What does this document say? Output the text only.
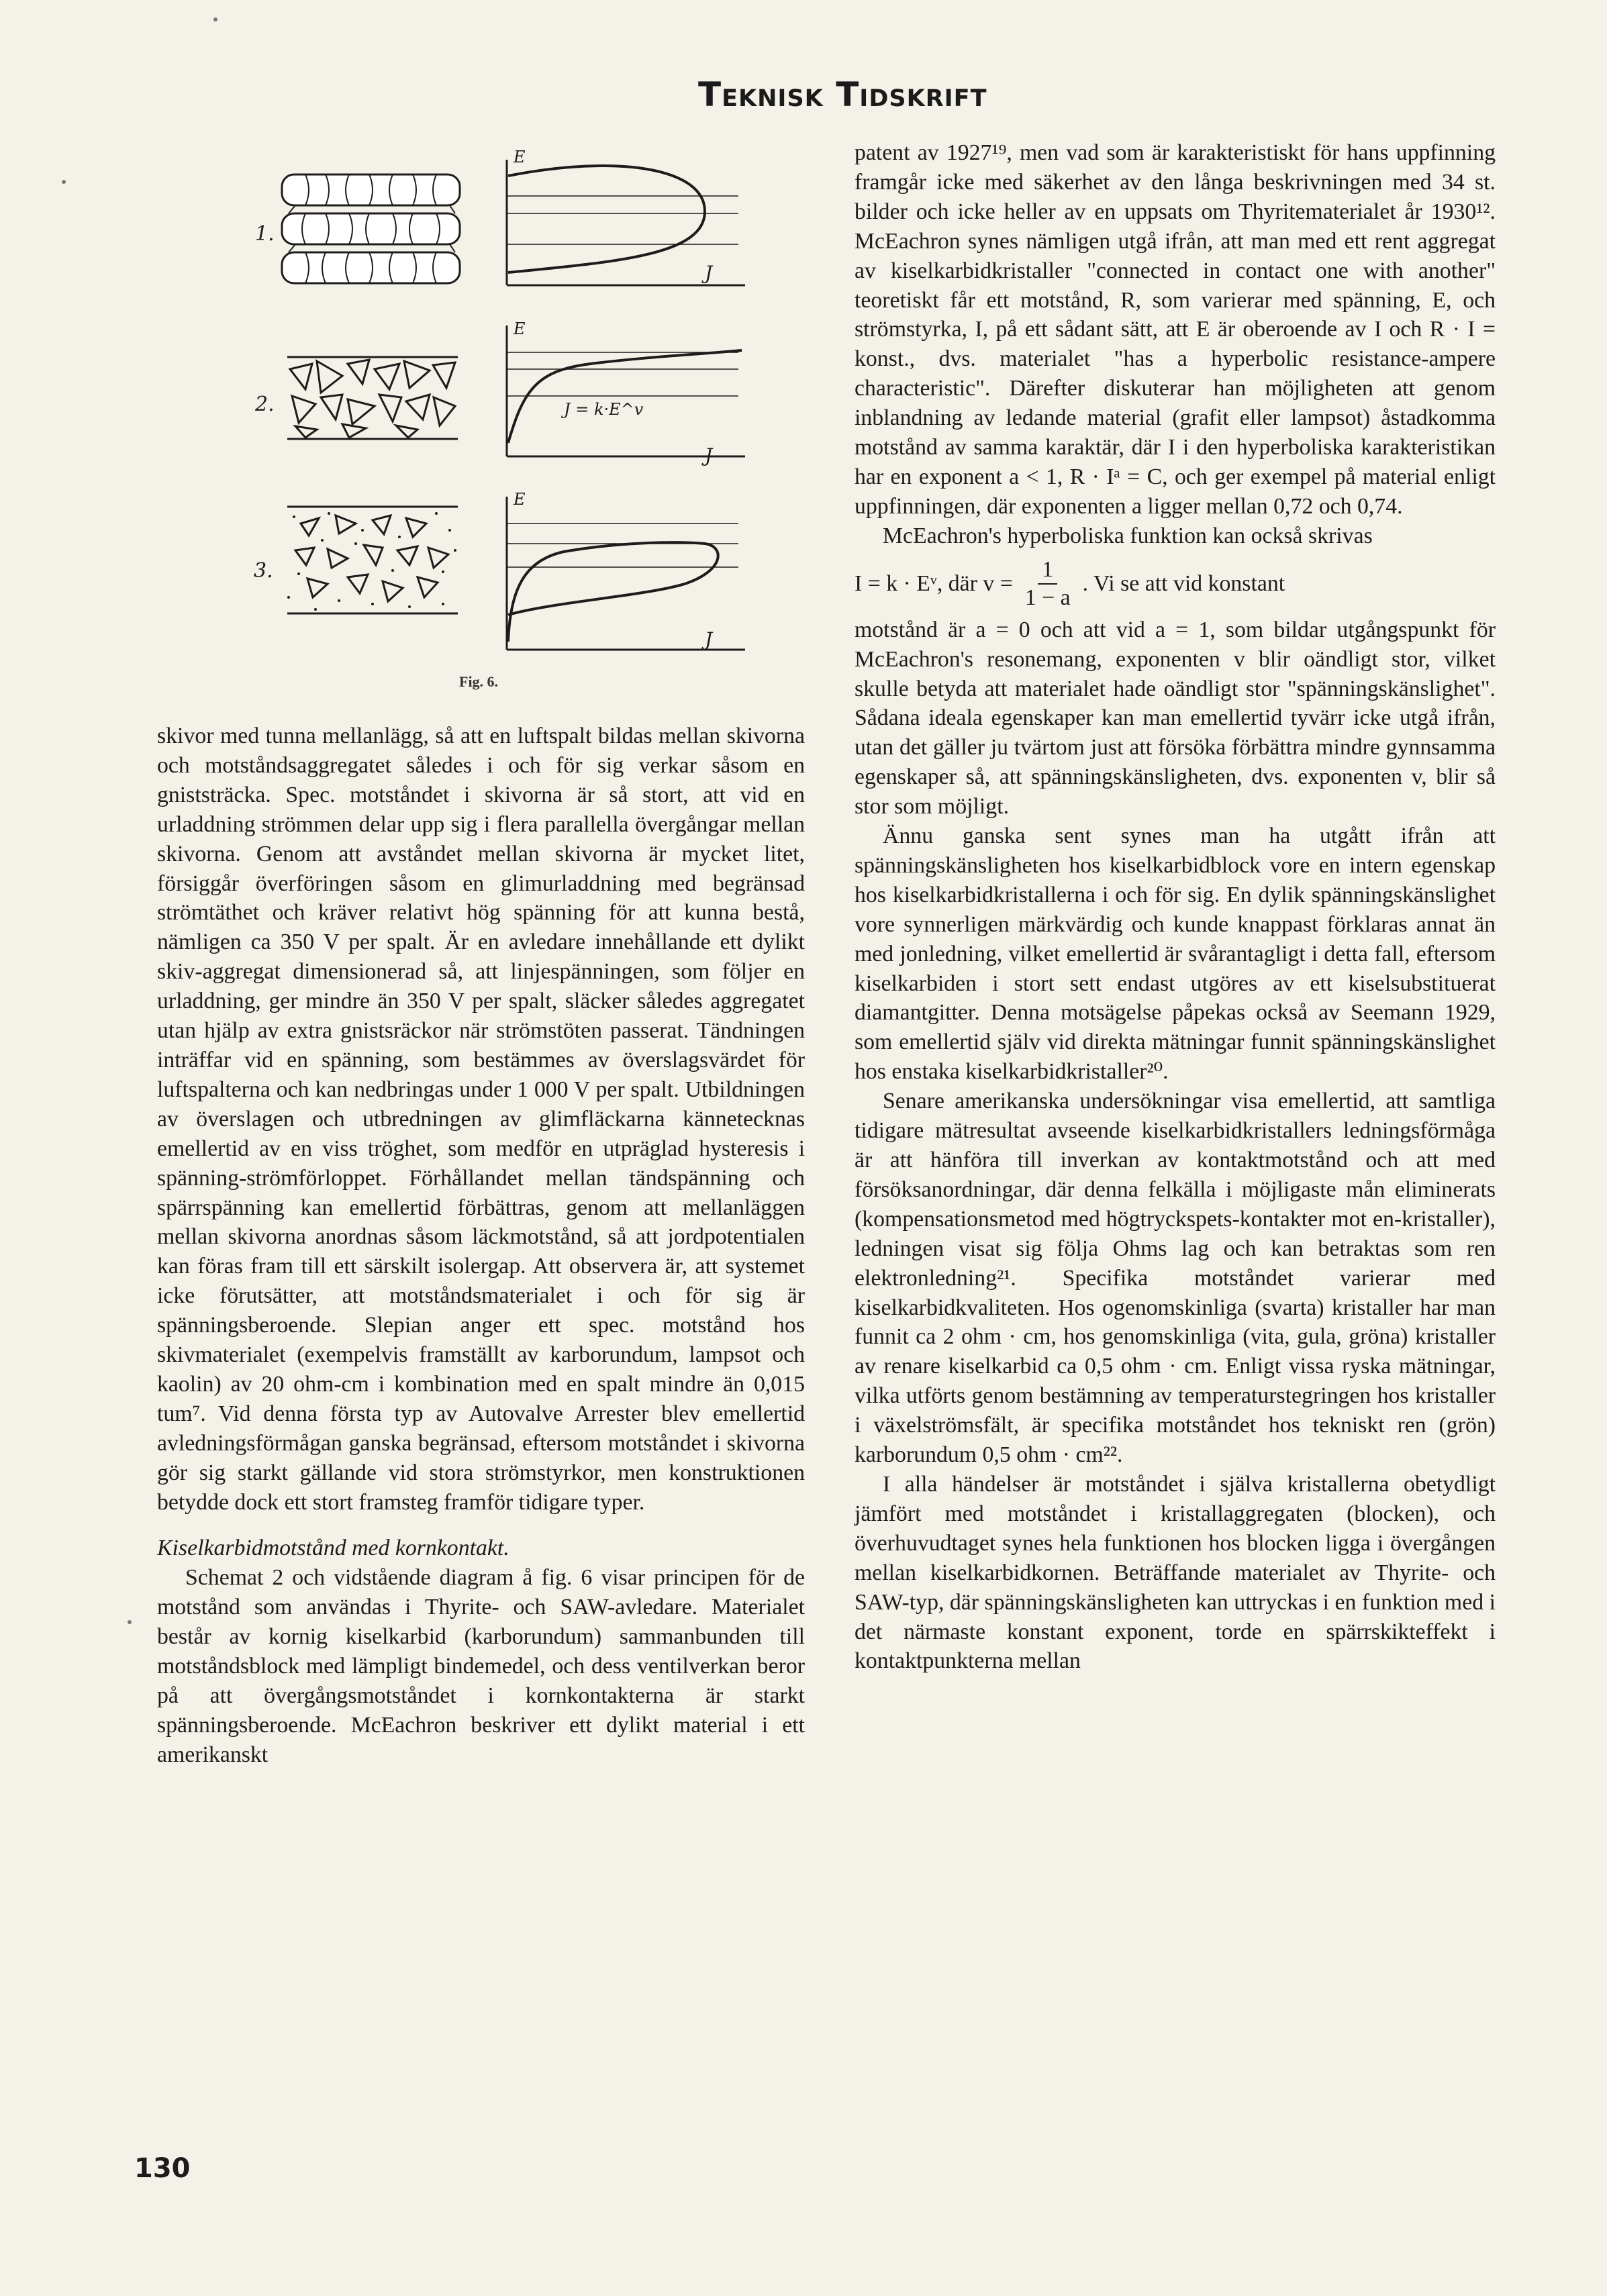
Teknisk Tidskrift
1.
2.
3.
E
J
E
J = k·E^v
J
E
J
Fig. 6.

skivor med tunna mellanlägg, så att en luftspalt bildas mellan skivorna och motståndsaggregatet således i och för sig verkar såsom en gniststräcka. Spec. motståndet i skivorna är så stort, att vid en urladdning strömmen delar upp sig i flera parallella övergångar mellan skivorna. Genom att avståndet mellan skivorna är mycket litet, försiggår överföringen såsom en glimurladdning med begränsad strömtäthet och kräver relativt hög spänning för att kunna bestå, nämligen ca 350 V per spalt. Är en avledare innehållande ett dylikt skiv-aggregat dimensionerad så, att linjespänningen, som följer en urladdning, ger mindre än 350 V per spalt, släcker således aggregatet utan hjälp av extra gnistsräckor när strömstöten passerat. Tändningen inträffar vid en spänning, som bestämmes av överslagsvärdet för luftspalterna och kan nedbringas under 1 000 V per spalt. Utbildningen av överslagen och utbredningen av glimfläckarna kännetecknas emellertid av en viss tröghet, som medför en utpräglad hysteresis i spänning-strömförloppet. Förhållandet mellan tändspänning och spärrspänning kan emellertid förbättras, genom att mellanläggen mellan skivorna anordnas såsom läckmotstånd, så att jordpotentialen kan föras fram till ett särskilt isolergap. Att observera är, att systemet icke förutsätter, att motståndsmaterialet i och för sig är spänningsberoende. Slepian anger ett spec. motstånd hos skivmaterialet (exempelvis framställt av karborundum, lampsot och kaolin) av 20 ohm-cm i kombination med en spalt mindre än 0,015 tum⁷. Vid denna första typ av Autovalve Arrester blev emellertid avledningsförmågan ganska begränsad, eftersom motståndet i skivorna gör sig starkt gällande vid stora strömstyrkor, men konstruktionen betydde dock ett stort framsteg framför tidigare typer.

Kiselkarbidmotstånd med kornkontakt.

Schemat 2 och vidstående diagram å fig. 6 visar principen för de motstånd som användas i Thyrite- och SAW-avledare. Materialet består av kornig kiselkarbid (karborundum) sammanbunden till motståndsblock med lämpligt bindemedel, och dess ventilverkan beror på att övergångsmotståndet i kornkontakterna är starkt spänningsberoende. McEachron beskriver ett dylikt material i ett amerikanskt

patent av 1927¹⁹, men vad som är karakteristiskt för hans uppfinning framgår icke med säkerhet av den långa beskrivningen med 34 st. bilder och icke heller av en uppsats om Thyritematerialet år 1930¹². McEachron synes nämligen utgå ifrån, att man med ett rent aggregat av kiselkarbidkristaller "connected in contact one with another" teoretiskt får ett motstånd, R, som varierar med spänning, E, och strömstyrka, I, på ett sådant sätt, att E är oberoende av I och R · I = konst., dvs. materialet "has a hyperbolic resistance-ampere characteristic". Därefter diskuterar han möjligheten att genom inblandning av ledande material (grafit eller lampsot) åstadkomma motstånd av samma karaktär, där I i den hyperboliska karakteristikan har en exponent a < 1, R · Iᵃ = C, och ger exempel på material enligt uppfinningen, där exponenten a ligger mellan 0,72 och 0,74.

McEachron's hyperboliska funktion kan också skrivas

I = k · Eᵛ, där $v = \frac{1}{1 - a}$ . Vi se att vid konstant

motstånd är a = 0 och att vid a = 1, som bildar utgångspunkt för McEachron's resonemang, exponenten v blir oändligt stor, vilket skulle betyda att materialet hade oändligt stor "spänningskänslighet". Sådana ideala egenskaper kan man emellertid tyvärr icke utgå ifrån, utan det gäller ju tvärtom just att försöka förbättra mindre gynnsamma egenskaper så, att spänningskänsligheten, dvs. exponenten v, blir så stor som möjligt.

Ännu ganska sent synes man ha utgått ifrån att spänningskänsligheten hos kiselkarbidblock vore en intern egenskap hos kiselkarbidkristallerna i och för sig. En dylik spänningskänslighet vore synnerligen märkvärdig och kunde knappast förklaras annat än med jonledning, vilket emellertid är svårantagligt i detta fall, eftersom kiselkarbiden i stort sett endast utgöres av ett kiselsubstituerat diamantgitter. Denna motsägelse påpekas också av Seemann 1929, som emellertid själv vid direkta mätningar funnit spänningskänslighet hos enstaka kiselkarbidkristaller²⁰.

Senare amerikanska undersökningar visa emellertid, att samtliga tidigare mätresultat avseende kiselkarbidkristallers ledningsförmåga är att hänföra till inverkan av kontaktmotstånd och att med försöksanordningar, där denna felkälla i möjligaste mån eliminerats (kompensationsmetod med högtryckspets-kontakter mot en-kristaller), ledningen visat sig följa Ohms lag och kan betraktas som ren elektronledning²¹. Specifika motståndet varierar med kiselkarbidkvaliteten. Hos ogenomskinliga (svarta) kristaller har man funnit ca 2 ohm · cm, hos genomskinliga (vita, gula, gröna) kristaller av renare kiselkarbid ca 0,5 ohm · cm. Enligt vissa ryska mätningar, vilka utförts genom bestämning av temperaturstegringen hos kristaller i växelströmsfält, är specifika motståndet hos tekniskt ren (grön) karborundum 0,5 ohm · cm²².

I alla händelser är motståndet i själva kristallerna obetydligt jämfört med motståndet i kristallaggregaten (blocken), och överhuvudtaget synes hela funktionen hos blocken ligga i övergången mellan kiselkarbidkornen. Beträffande materialet av Thyrite- och SAW-typ, där spänningskänsligheten kan uttryckas i en funktion med i det närmaste konstant exponent, torde en spärrskikteffekt i kontaktpunkterna mellan

130
